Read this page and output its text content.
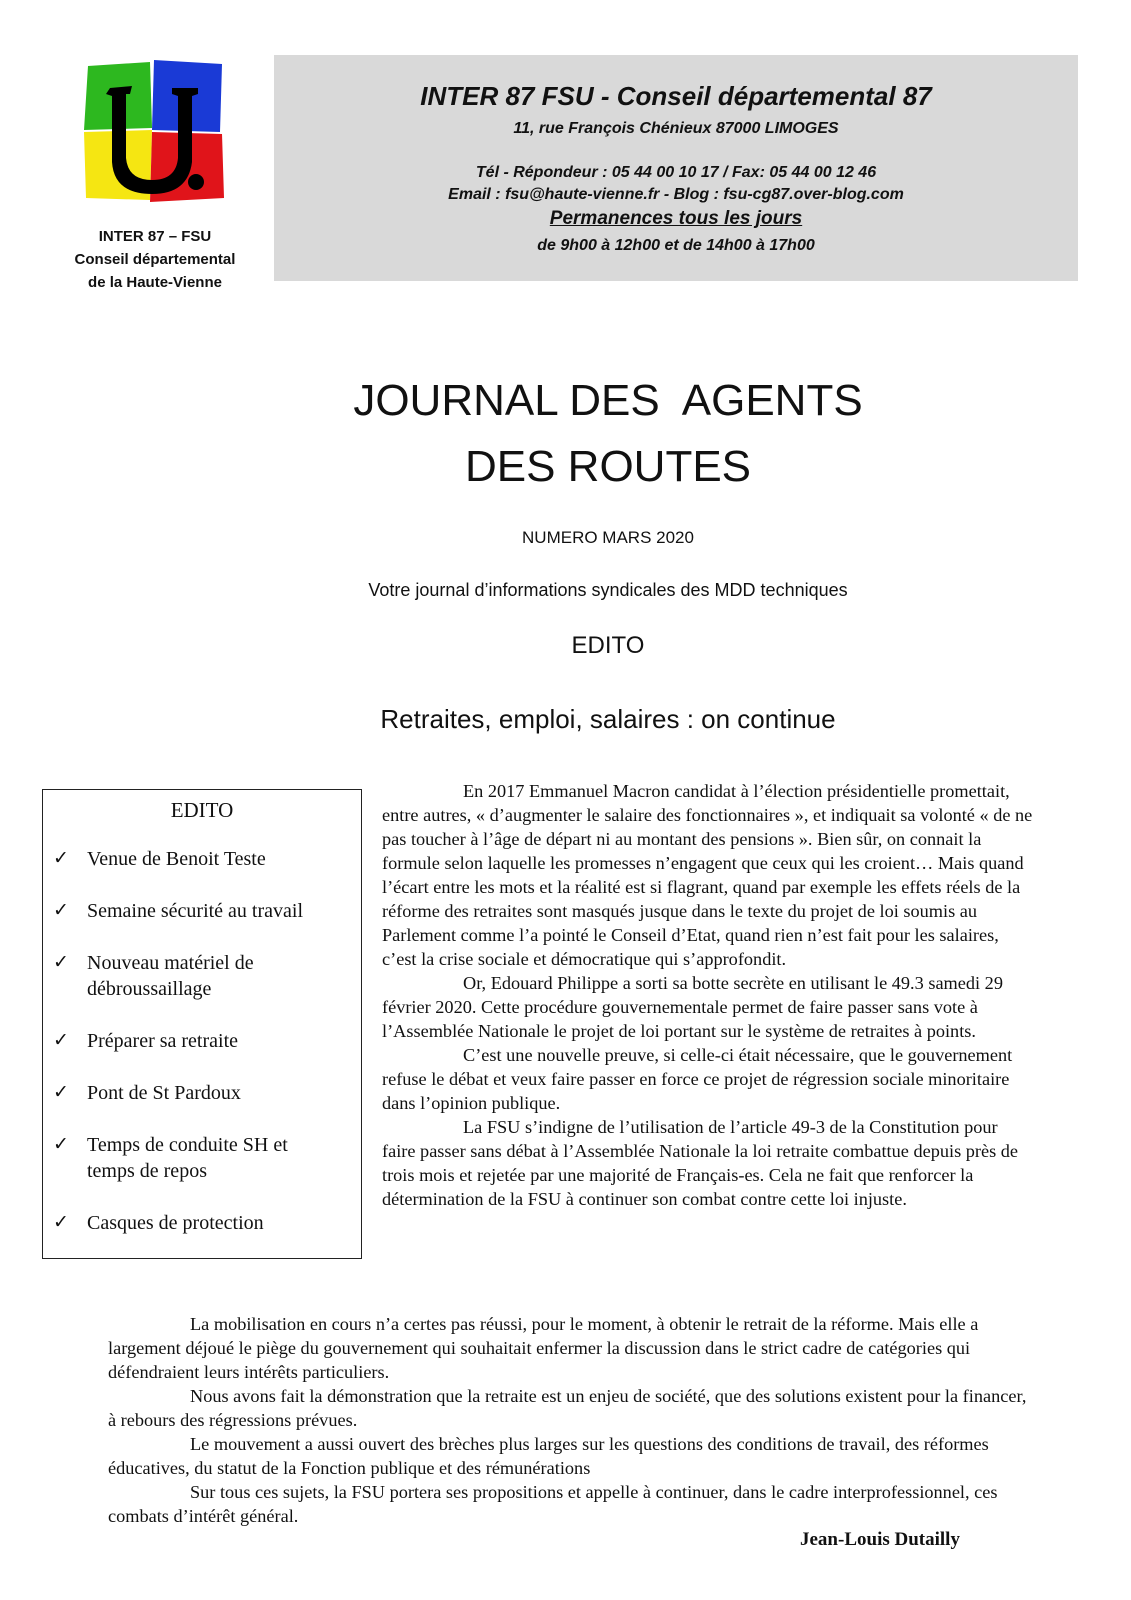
INTER 87 – FSU
Conseil départemental
de la Haute-Vienne
INTER 87 FSU - Conseil départemental 87
11, rue François Chénieux 87000 LIMOGES
Tél - Répondeur : 05 44 00 10 17 / Fax: 05 44 00 12 46
Email : fsu@haute-vienne.fr - Blog : fsu-cg87.over-blog.com
Permanences tous les jours
de 9h00 à 12h00 et de 14h00 à 17h00
JOURNAL DES  AGENTS
DES ROUTES
NUMERO MARS 2020
Votre journal d’informations syndicales des MDD techniques
EDITO
Retraites, emploi, salaires : on continue
EDITO
✓ Venue de Benoit Teste
✓ Semaine sécurité au travail
✓ Nouveau matériel de débroussaillage
✓ Préparer sa retraite
✓ Pont de St Pardoux
✓ Temps de conduite SH et temps de repos
✓ Casques de protection

En 2017 Emmanuel Macron candidat à l’élection présidentielle promettait, entre autres, « d’augmenter le salaire des fonctionnaires », et indiquait sa volonté « de ne pas toucher à l’âge de départ ni au montant des pensions ». Bien sûr, on connait la formule selon laquelle les promesses n’engagent que ceux qui les croient… Mais quand l’écart entre les mots et la réalité est si flagrant, quand par exemple les effets réels de la réforme des retraites sont masqués jusque dans le texte du projet de loi soumis au Parlement comme l’a pointé le Conseil d’Etat, quand rien n’est fait pour les salaires, c’est la crise sociale et démocratique qui s’approfondit.

Or, Edouard Philippe a sorti sa botte secrète en utilisant le 49.3 samedi 29 février 2020. Cette procédure gouvernementale permet de faire passer sans vote à l’Assemblée Nationale le projet de loi portant sur le système de retraites à points.

C’est une nouvelle preuve, si celle-ci était nécessaire, que le gouvernement refuse le débat et veux faire passer en force ce projet de régression sociale minoritaire dans l’opinion publique.

La FSU s’indigne de l’utilisation de l’article 49-3 de la Constitution pour faire passer sans débat à l’Assemblée Nationale la loi retraite combattue depuis près de trois mois et rejetée par une majorité de Français-es. Cela ne fait que renforcer la détermination de la FSU à continuer son combat contre cette loi injuste.

La mobilisation en cours n’a certes pas réussi, pour le moment, à obtenir le retrait de la réforme. Mais elle a largement déjoué le piège du gouvernement qui souhaitait enfermer la discussion dans le strict cadre de catégories qui défendraient leurs intérêts particuliers.

Nous avons fait la démonstration que la retraite est un enjeu de société, que des solutions existent pour la financer, à rebours des régressions prévues.

Le mouvement a aussi ouvert des brèches plus larges sur les questions des conditions de travail, des réformes éducatives, du statut de la Fonction publique et des rémunérations

Sur tous ces sujets, la FSU portera ses propositions et appelle à continuer, dans le cadre interprofessionnel, ces combats d’intérêt général.

Jean-Louis Dutailly
